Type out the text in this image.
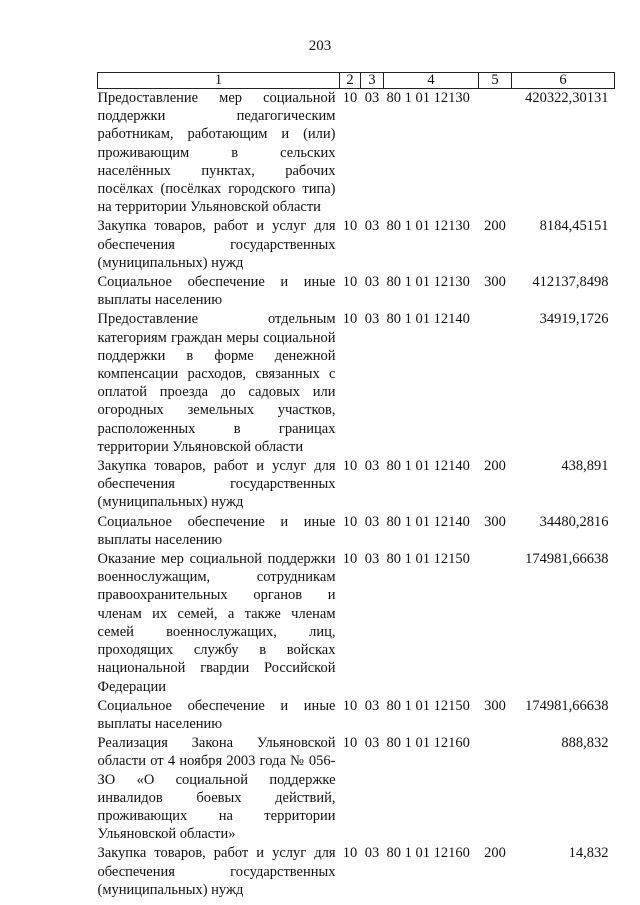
203
1	2	3	4	5	6
Предоставление мер социальной поддержки педагогическим работникам, работающим и (или) проживающим в сельских населённых пунктах, рабочих посёлках (посёлках городского типа) на территории Ульяновской области	10	03	80 1 01 12130		420322,30131
Закупка товаров, работ и услуг для обеспечения государственных (муниципальных) нужд	10	03	80 1 01 12130	200	8184,45151
Социальное обеспечение и иные выплаты населению	10	03	80 1 01 12130	300	412137,8498
Предоставление отдельным категориям граждан меры социальной поддержки в форме денежной компенсации расходов, связанных с оплатой проезда до садовых или огородных земельных участков, расположенных в границах территории Ульяновской области	10	03	80 1 01 12140		34919,1726
Закупка товаров, работ и услуг для обеспечения государственных (муниципальных) нужд	10	03	80 1 01 12140	200	438,891
Социальное обеспечение и иные выплаты населению	10	03	80 1 01 12140	300	34480,2816
Оказание мер социальной поддержки военнослужащим, сотрудникам правоохранительных органов и членам их семей, а также членам семей военнослужащих, лиц, проходящих службу в войсках национальной гвардии Российской Федерации	10	03	80 1 01 12150		174981,66638
Социальное обеспечение и иные выплаты населению	10	03	80 1 01 12150	300	174981,66638
Реализация Закона Ульяновской области от 4 ноября 2003 года № 056-ЗО «О социальной поддержке инвалидов боевых действий, проживающих на территории Ульяновской области»	10	03	80 1 01 12160		888,832
Закупка товаров, работ и услуг для обеспечения государственных (муниципальных) нужд	10	03	80 1 01 12160	200	14,832
